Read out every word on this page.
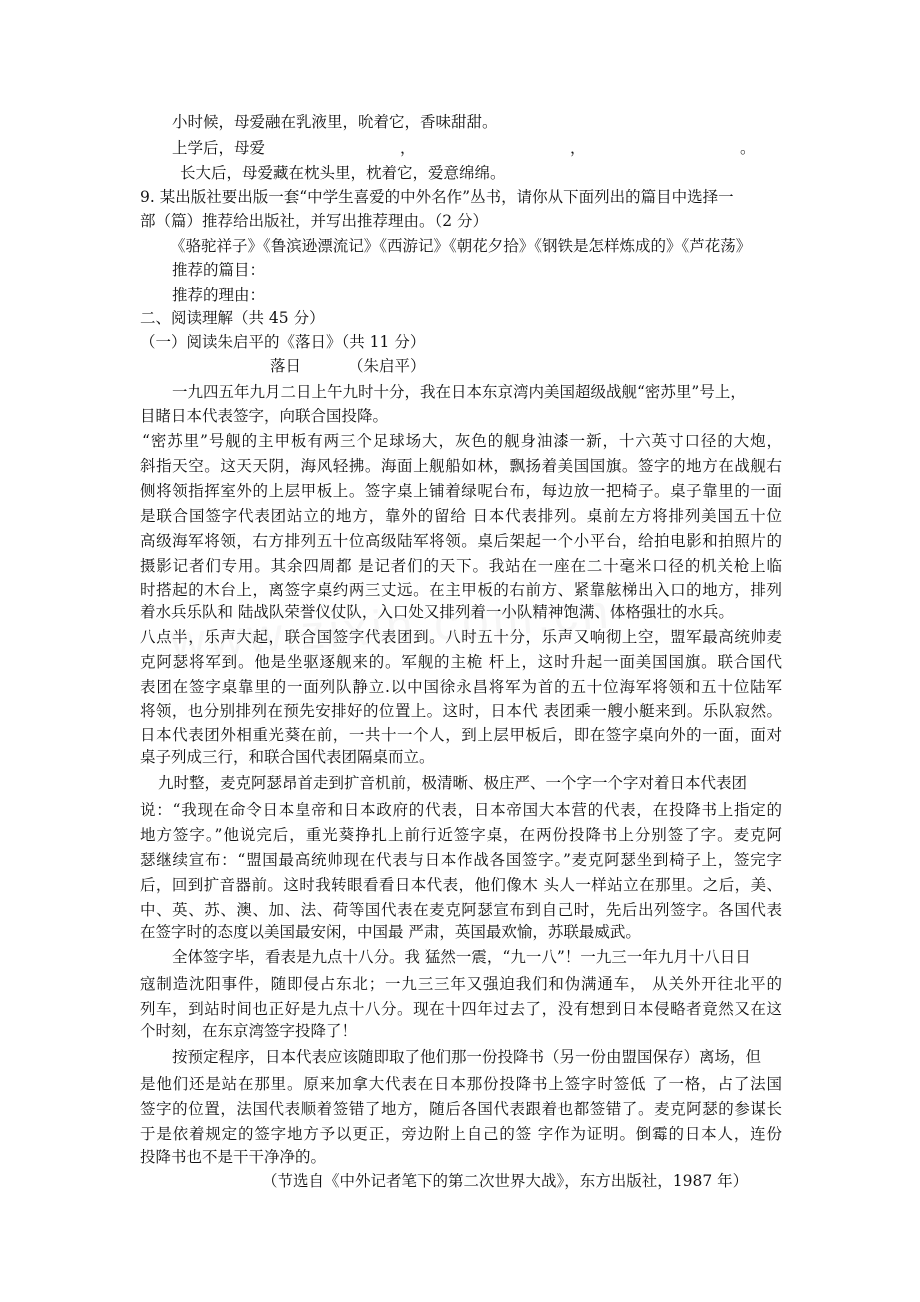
小时候，母爱融在乳液里，吮着它，香味甜甜。
上学后，母爱	，	，	。
长大后，母爱藏在枕头里，枕着它，爱意绵绵。
9. 某出版社要出版一套“中学生喜爱的中外名作”丛书，请你从下面列出的篇目中选择一
部（篇）推荐给出版社，并写出推荐理由。（2 分）
《骆驼祥子》《鲁滨逊漂流记》《西游记》《朝花夕拾》《钢铁是怎样炼成的》《芦花荡》
推荐的篇目：
推荐的理由：
二、阅读理解（共 45 分）
（一）阅读朱启平的《落日》（共 11 分）
落日	（朱启平）
一九四五年九月二日上午九时十分，我在日本东京湾内美国超级战舰“密苏里”号上，
目睹日本代表签字，向联合国投降。
“密苏里”号舰的主甲板有两三个足球场大，灰色的舰身油漆一新，十六英寸口径的大炮，
斜指天空。这天天阴，海风轻拂。海面上舰船如林，飘扬着美国国旗。签字的地方在战舰右
侧将领指挥室外的上层甲板上。签字桌上铺着绿呢台布，每边放一把椅子。桌子靠里的一面
是联合国签字代表团站立的地方，靠外的留给 日本代表排列。桌前左方将排列美国五十位
高级海军将领，右方排列五十位高级陆军将领。桌后架起一个小平台，给拍电影和拍照片的
摄影记者们专用。其余四周都 是记者们的天下。我站在一座在二十毫米口径的机关枪上临
时搭起的木台上，离签字桌约两三丈远。在主甲板的右前方、紧靠舷梯出入口的地方，排列
着水兵乐队和 陆战队荣誉仪仗队，入口处又排列着一小队精神饱满、体格强壮的水兵。
八点半，乐声大起，联合国签字代表团到。八时五十分，乐声又响彻上空，盟军最高统帅麦
克阿瑟将军到。他是坐驱逐舰来的。军舰的主桅 杆上，这时升起一面美国国旗。联合国代
表团在签字桌靠里的一面列队静立.以中国徐永昌将军为首的五十位海军将领和五十位陆军
将领，也分别排列在预先安排好的位置上。这时，日本代 表团乘一艘小艇来到。乐队寂然。
日本代表团外相重光葵在前，一共十一个人，到上层甲板后，即在签字桌向外的一面，面对
桌子列成三行，和联合国代表团隔桌而立。
九时整，麦克阿瑟昂首走到扩音机前，极清晰、极庄严、一个字一个字对着日本代表团
说：“我现在命令日本皇帝和日本政府的代表，日本帝国大本营的代表，在投降书上指定的
地方签字。”他说完后，重光葵挣扎上前行近签字桌，在两份投降书上分别签了字。麦克阿
瑟继续宣布：“盟国最高统帅现在代表与日本作战各国签字。”麦克阿瑟坐到椅子上，签完字
后，回到扩音器前。这时我转眼看看日本代表，他们像木 头人一样站立在那里。之后，美、
中、英、苏、澳、加、法、荷等国代表在麦克阿瑟宣布到自己时，先后出列签字。各国代表
在签字时的态度以美国最安闲，中国最 严肃，英国最欢愉，苏联最威武。
全体签字毕，看表是九点十八分。我 猛然一震，“九一八”！一九三一年九月十八日日
寇制造沈阳事件，随即侵占东北；一九三三年又强迫我们和伪满通车， 从关外开往北平的
列车，到站时间也正好是九点十八分。现在十四年过去了，没有想到日本侵略者竟然又在这
个时刻，在东京湾签字投降了！
按预定程序，日本代表应该随即取了他们那一份投降书（另一份由盟国保存）离场，但
是他们还是站在那里。原来加拿大代表在日本那份投降书上签字时签低 了一格，占了法国
签字的位置，法国代表顺着签错了地方，随后各国代表跟着也都签错了。麦克阿瑟的参谋长
于是依着规定的签字地方予以更正，旁边附上自己的签 字作为证明。倒霉的日本人，连份
投降书也不是干干净净的。
（节选自《中外记者笔下的第二次世界大战》，东方出版社，1987 年）
